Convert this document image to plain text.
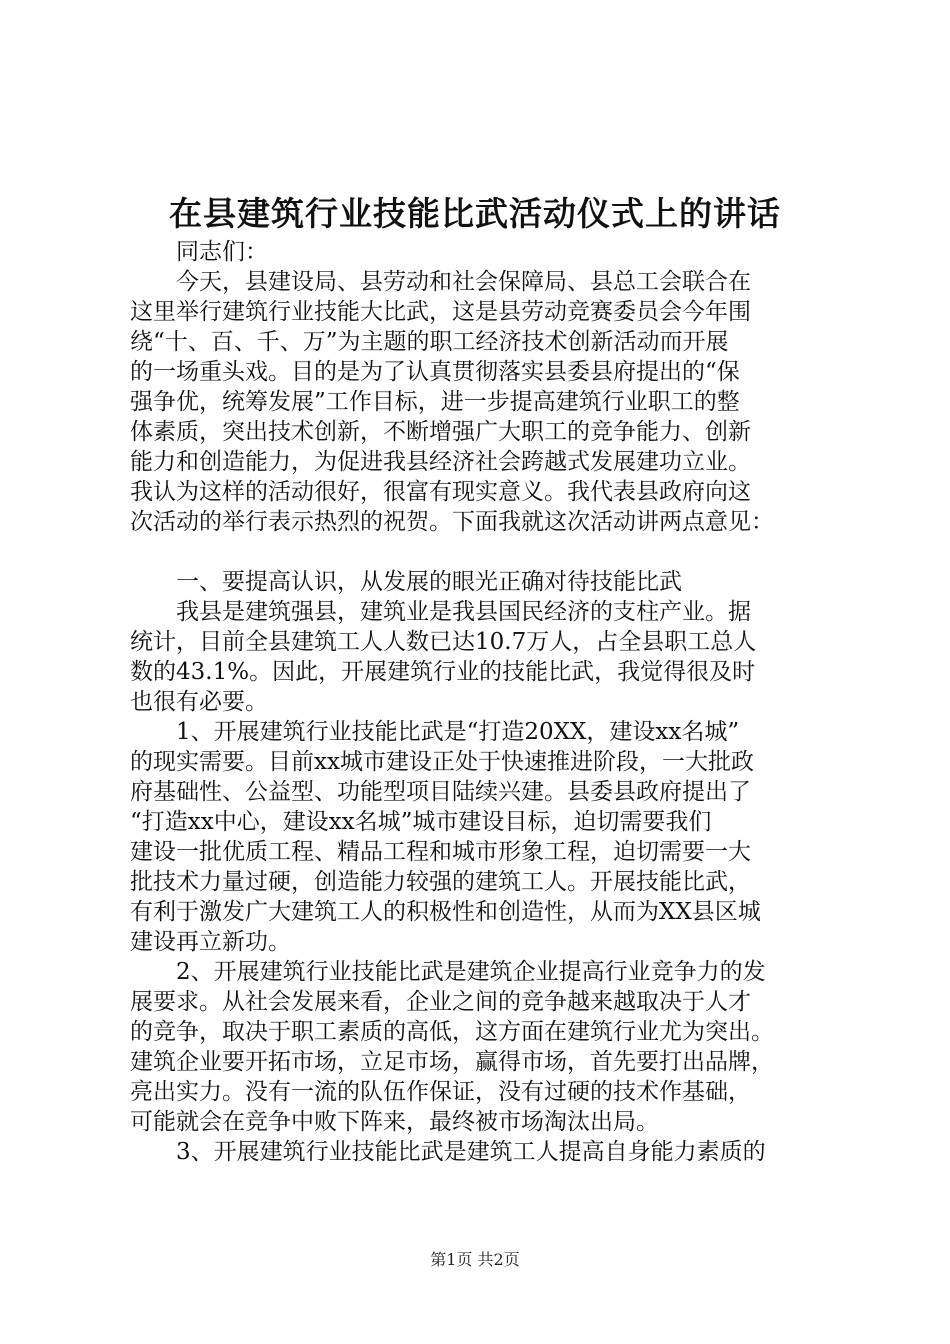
在县建筑行业技能比武活动仪式上的讲话
同志们：
今天，县建设局、县劳动和社会保障局、县总工会联合在
这里举行建筑行业技能大比武，这是县劳动竞赛委员会今年围
绕“十、百、千、万”为主题的职工经济技术创新活动而开展
的一场重头戏。目的是为了认真贯彻落实县委县府提出的“保
强争优，统筹发展”工作目标，进一步提高建筑行业职工的整
体素质，突出技术创新，不断增强广大职工的竞争能力、创新
能力和创造能力，为促进我县经济社会跨越式发展建功立业。
我认为这样的活动很好，很富有现实意义。我代表县政府向这
次活动的举行表示热烈的祝贺。下面我就这次活动讲两点意见：
一、要提高认识，从发展的眼光正确对待技能比武
我县是建筑强县，建筑业是我县国民经济的支柱产业。据
统计，目前全县建筑工人人数已达10.7万人，占全县职工总人
数的43.1%。因此，开展建筑行业的技能比武，我觉得很及时
也很有必要。
1、开展建筑行业技能比武是“打造20XX，建设xx名城”
的现实需要。目前xx城市建设正处于快速推进阶段，一大批政
府基础性、公益型、功能型项目陆续兴建。县委县政府提出了
“打造xx中心，建设xx名城”城市建设目标，迫切需要我们
建设一批优质工程、精品工程和城市形象工程，迫切需要一大
批技术力量过硬，创造能力较强的建筑工人。开展技能比武，
有利于激发广大建筑工人的积极性和创造性，从而为XX县区城
建设再立新功。
2、开展建筑行业技能比武是建筑企业提高行业竞争力的发
展要求。从社会发展来看，企业之间的竞争越来越取决于人才
的竞争，取决于职工素质的高低，这方面在建筑行业尤为突出。
建筑企业要开拓市场，立足市场，赢得市场，首先要打出品牌，
亮出实力。没有一流的队伍作保证，没有过硬的技术作基础，
可能就会在竞争中败下阵来，最终被市场淘汰出局。
3、开展建筑行业技能比武是建筑工人提高自身能力素质的
第1页 共2页
